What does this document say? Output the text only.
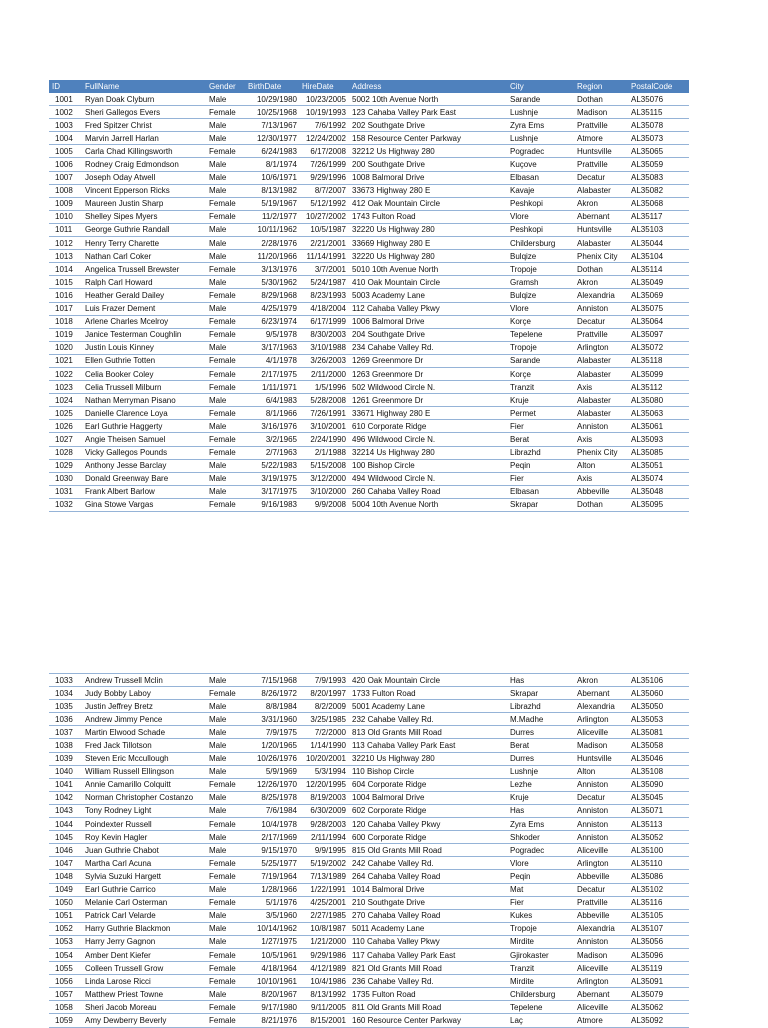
ID	FullName	Gender	BirthDate	HireDate	Address	City	Region	PostalCode
1001	Ryan Doak Clyburn	Male	10/29/1980	10/23/2005	5002 10th Avenue North	Sarande	Dothan	AL35076
1002	Sheri Gallegos Evers	Female	10/25/1968	10/19/1993	123 Cahaba Valley Park East	Lushnje	Madison	AL35115
1003	Fred Spitzer Christ	Male	7/13/1967	7/6/1992	202 Southgate Drive	Zyra Ems	Prattville	AL35078
1004	Marvin Jarrell Harlan	Male	12/30/1977	12/24/2002	158 Resource Center Parkway	Lushnje	Atmore	AL35073
1005	Carla Chad Killingsworth	Female	6/24/1983	6/17/2008	32212 Us Highway 280	Pogradec	Huntsville	AL35065
1006	Rodney Craig Edmondson	Male	8/1/1974	7/26/1999	200 Southgate Drive	Kuçove	Prattville	AL35059
1007	Joseph Oday Atwell	Male	10/6/1971	9/29/1996	1008 Balmoral Drive	Elbasan	Decatur	AL35083
1008	Vincent Epperson Ricks	Male	8/13/1982	8/7/2007	33673 Highway 280 E	Kavaje	Alabaster	AL35082
1009	Maureen Justin Sharp	Female	5/19/1967	5/12/1992	412 Oak Mountain Circle	Peshkopi	Akron	AL35068
1010	Shelley Sipes Myers	Female	11/2/1977	10/27/2002	1743 Fulton Road	Vlore	Abernant	AL35117
1011	George Guthrie Randall	Male	10/11/1962	10/5/1987	32220 Us Highway 280	Peshkopi	Huntsville	AL35103
1012	Henry Terry Charette	Male	2/28/1976	2/21/2001	33669 Highway 280 E	Childersburg	Alabaster	AL35044
1013	Nathan Carl Coker	Male	11/20/1966	11/14/1991	32220 Us Highway 280	Bulqize	Phenix City	AL35104
1014	Angelica Trussell Brewster	Female	3/13/1976	3/7/2001	5010 10th Avenue North	Tropoje	Dothan	AL35114
1015	Ralph Carl Howard	Male	5/30/1962	5/24/1987	410 Oak Mountain Circle	Gramsh	Akron	AL35049
1016	Heather Gerald Dailey	Female	8/29/1968	8/23/1993	5003 Academy Lane	Bulqize	Alexandria	AL35069
1017	Luis Frazer Dement	Male	4/25/1979	4/18/2004	112 Cahaba Valley Pkwy	Vlore	Anniston	AL35075
1018	Arlene Charles Mcelroy	Female	6/23/1974	6/17/1999	1006 Balmoral Drive	Korçe	Decatur	AL35064
1019	Janice Testerman Coughlin	Female	9/5/1978	8/30/2003	204 Southgate Drive	Tepelene	Prattville	AL35097
1020	Justin Louis Kinney	Male	3/17/1963	3/10/1988	234 Cahabe Valley Rd.	Tropoje	Arlington	AL35072
1021	Ellen Guthrie Totten	Female	4/1/1978	3/26/2003	1269 Greenmore Dr	Sarande	Alabaster	AL35118
1022	Celia Booker Coley	Female	2/17/1975	2/11/2000	1263 Greenmore Dr	Korçe	Alabaster	AL35099
1023	Celia Trussell Milburn	Female	1/11/1971	1/5/1996	502 Wildwood Circle N.	Tranzit	Axis	AL35112
1024	Nathan Merryman Pisano	Male	6/4/1983	5/28/2008	1261 Greenmore Dr	Kruje	Alabaster	AL35080
1025	Danielle Clarence Loya	Female	8/1/1966	7/26/1991	33671 Highway 280 E	Permet	Alabaster	AL35063
1026	Earl Guthrie Haggerty	Male	3/16/1976	3/10/2001	610 Corporate Ridge	Fier	Anniston	AL35061
1027	Angie Theisen Samuel	Female	3/2/1965	2/24/1990	496 Wildwood Circle N.	Berat	Axis	AL35093
1028	Vicky Gallegos Pounds	Female	2/7/1963	2/1/1988	32214 Us Highway 280	Librazhd	Phenix City	AL35085
1029	Anthony Jesse Barclay	Male	5/22/1983	5/15/2008	100 Bishop Circle	Peqin	Alton	AL35051
1030	Donald Greenway Bare	Male	3/19/1975	3/12/2000	494 Wildwood Circle N.	Fier	Axis	AL35074
1031	Frank Albert Barlow	Male	3/17/1975	3/10/2000	260 Cahaba Valley Road	Elbasan	Abbeville	AL35048
1032	Gina Stowe Vargas	Female	9/16/1983	9/9/2008	5004 10th Avenue North	Skrapar	Dothan	AL35095
1033	Andrew Trussell Mclin	Male	7/15/1968	7/9/1993	420 Oak Mountain Circle	Has	Akron	AL35106
1034	Judy Bobby Laboy	Female	8/26/1972	8/20/1997	1733 Fulton Road	Skrapar	Abernant	AL35060
1035	Justin Jeffrey Bretz	Male	8/8/1984	8/2/2009	5001 Academy Lane	Librazhd	Alexandria	AL35050
1036	Andrew Jimmy Pence	Male	3/31/1960	3/25/1985	232 Cahabe Valley Rd.	M.Madhe	Arlington	AL35053
1037	Martin Elwood Schade	Male	7/9/1975	7/2/2000	813 Old Grants Mill Road	Durres	Aliceville	AL35081
1038	Fred Jack Tillotson	Male	1/20/1965	1/14/1990	113 Cahaba Valley Park East	Berat	Madison	AL35058
1039	Steven Eric Mccullough	Male	10/26/1976	10/20/2001	32210 Us Highway 280	Durres	Huntsville	AL35046
1040	William Russell Ellingson	Male	5/9/1969	5/3/1994	110 Bishop Circle	Lushnje	Alton	AL35108
1041	Annie Camarillo Colquitt	Female	12/26/1970	12/20/1995	604 Corporate Ridge	Lezhe	Anniston	AL35090
1042	Norman Christopher Costanzo	Male	8/25/1978	8/19/2003	1004 Balmoral Drive	Kruje	Decatur	AL35045
1043	Tony Rodney Light	Male	7/6/1984	6/30/2009	602 Corporate Ridge	Has	Anniston	AL35071
1044	Poindexter Russell	Female	10/4/1978	9/28/2003	120 Cahaba Valley Pkwy	Zyra Ems	Anniston	AL35113
1045	Roy Kevin Hagler	Male	2/17/1969	2/11/1994	600 Corporate Ridge	Shkoder	Anniston	AL35052
1046	Juan Guthrie Chabot	Male	9/15/1970	9/9/1995	815 Old Grants Mill Road	Pogradec	Aliceville	AL35100
1047	Martha Carl Acuna	Female	5/25/1977	5/19/2002	242 Cahabe Valley Rd.	Vlore	Arlington	AL35110
1048	Sylvia Suzuki Hargett	Female	7/19/1964	7/13/1989	264 Cahaba Valley Road	Peqin	Abbeville	AL35086
1049	Earl Guthrie Carrico	Male	1/28/1966	1/22/1991	1014 Balmoral Drive	Mat	Decatur	AL35102
1050	Melanie Carl Osterman	Female	5/1/1976	4/25/2001	210 Southgate Drive	Fier	Prattville	AL35116
1051	Patrick Carl Velarde	Male	3/5/1960	2/27/1985	270 Cahaba Valley Road	Kukes	Abbeville	AL35105
1052	Harry Guthrie Blackmon	Male	10/14/1962	10/8/1987	5011 Academy Lane	Tropoje	Alexandria	AL35107
1053	Harry Jerry Gagnon	Male	1/27/1975	1/21/2000	110 Cahaba Valley Pkwy	Mirdite	Anniston	AL35056
1054	Amber Dent Kiefer	Female	10/5/1961	9/29/1986	117 Cahaba Valley Park East	Gjirokaster	Madison	AL35096
1055	Colleen Trussell Grow	Female	4/18/1964	4/12/1989	821 Old Grants Mill Road	Tranzit	Aliceville	AL35119
1056	Linda Larose Ricci	Female	10/10/1961	10/4/1986	236 Cahabe Valley Rd.	Mirdite	Arlington	AL35091
1057	Matthew Priest Towne	Male	8/20/1967	8/13/1992	1735 Fulton Road	Childersburg	Abernant	AL35079
1058	Sheri Jacob Moreau	Female	9/17/1980	9/11/2005	811 Old Grants Mill Road	Tepelene	Aliceville	AL35062
1059	Amy Dewberry Beverly	Female	8/21/1976	8/15/2001	160 Resource Center Parkway	Laç	Atmore	AL35092
